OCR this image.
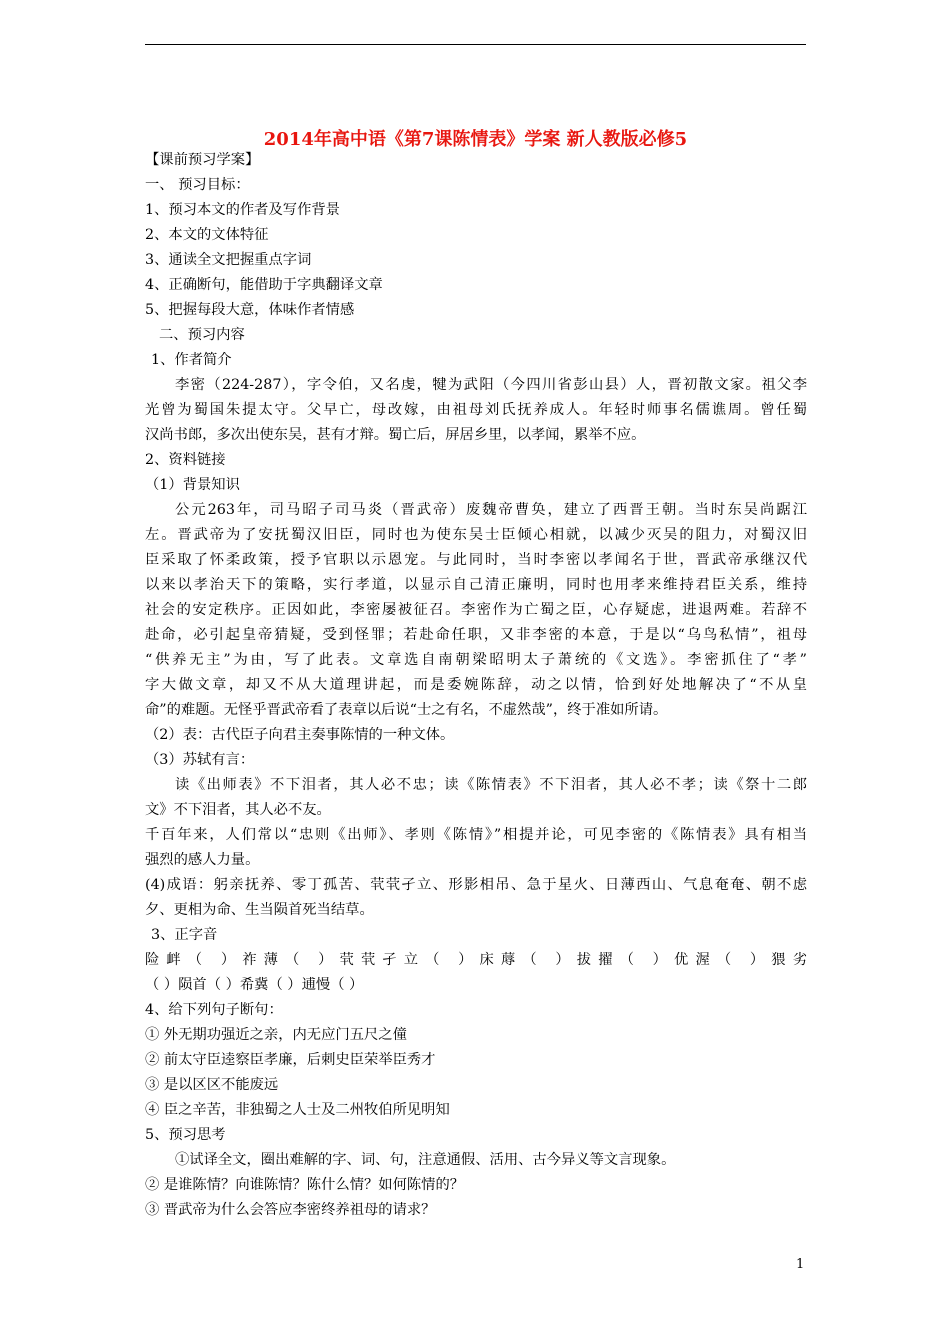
2014年高中语《第7课陈情表》学案 新人教版必修5
【课前预习学案】
一、 预习目标：
1、预习本文的作者及写作背景
2、本文的文体特征
3、通读全文把握重点字词
4、正确断句，能借助于字典翻译文章
5、把握每段大意，体味作者情感
二、预习内容
1、作者简介
李密（224-287），字令伯，又名虔，犍为武阳（今四川省彭山县）人，晋初散文家。祖父李
光曾为蜀国朱提太守。父早亡，母改嫁，由祖母刘氏抚养成人。年轻时师事名儒谯周。曾任蜀
汉尚书郎，多次出使东吴，甚有才辩。蜀亡后，屏居乡里，以孝闻，累举不应。
2、资料链接
（1）背景知识
公元263年，司马昭子司马炎（晋武帝）废魏帝曹奂，建立了西晋王朝。当时东吴尚踞江
左。晋武帝为了安抚蜀汉旧臣，同时也为使东吴士臣倾心相就，以减少灭吴的阻力，对蜀汉旧
臣采取了怀柔政策，授予官职以示恩宠。与此同时，当时李密以孝闻名于世，晋武帝承继汉代
以来以孝治天下的策略，实行孝道，以显示自己清正廉明，同时也用孝来维持君臣关系，维持
社会的安定秩序。正因如此，李密屡被征召。李密作为亡蜀之臣，心存疑虑，进退两难。若辞不
赴命，必引起皇帝猜疑，受到怪罪；若赴命任职，又非李密的本意，于是以“乌鸟私情”，祖母
“供养无主”为由，写了此表。文章选自南朝梁昭明太子萧统的《文选》。李密抓住了“孝”
字大做文章，却又不从大道理讲起，而是委婉陈辞，动之以情，恰到好处地解决了“不从皇
命”的难题。无怪乎晋武帝看了表章以后说“士之有名，不虚然哉”，终于准如所请。
（2）表：古代臣子向君主奏事陈情的一种文体。
（3）苏轼有言：
读《出师表》不下泪者，其人必不忠；读《陈情表》不下泪者，其人必不孝；读《祭十二郎
文》不下泪者，其人必不友。
千百年来，人们常以“忠则《出师》、孝则《陈情》”相提并论，可见李密的《陈情表》具有相当
强烈的感人力量。
(4)成语：躬亲抚养、零丁孤苦、茕茕孑立、形影相吊、急于星火、日薄西山、气息奄奄、朝不虑
夕、更相为命、生当陨首死当结草。
3、正字音
险衅（ ）祚薄（ ）茕茕孑立（ ）床蓐（ ）拔擢（ ）优渥（ ）猥劣
（ ）陨首（ ）希冀（ ）逋慢（ ）
4、给下列句子断句：
① 外无期功强近之亲，内无应门五尺之僮
② 前太守臣逵察臣孝廉，后刺史臣荣举臣秀才
③ 是以区区不能废远
④ 臣之辛苦，非独蜀之人士及二州牧伯所见明知
5、预习思考
①试译全文，圈出难解的字、词、句，注意通假、活用、古今异义等文言现象。
② 是谁陈情？向谁陈情？陈什么情？如何陈情的？
③ 晋武帝为什么会答应李密终养祖母的请求？
1
